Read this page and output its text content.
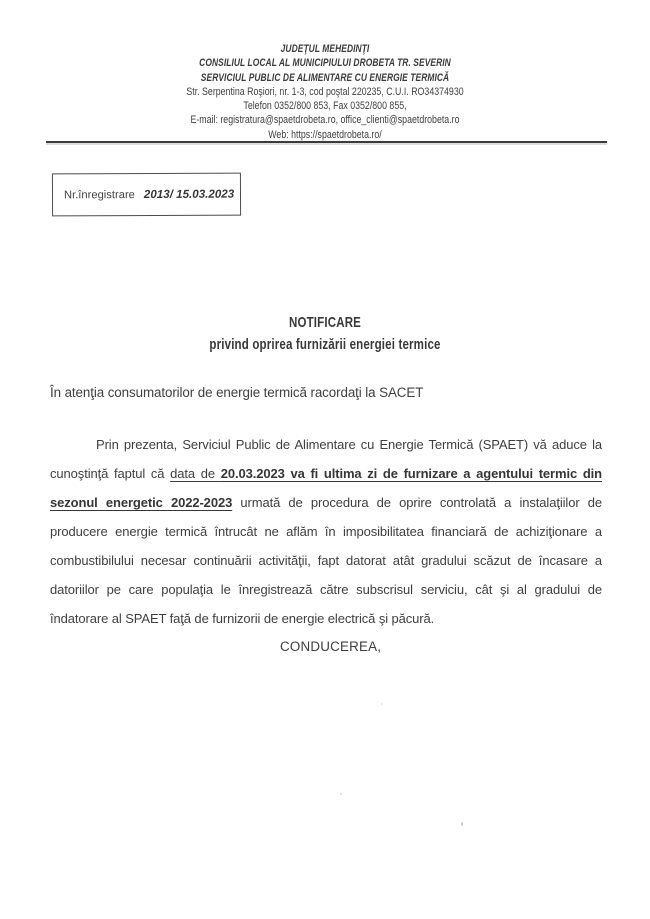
JUDEŢUL MEHEDINŢI
CONSILIUL LOCAL AL MUNICIPIULUI DROBETA TR. SEVERIN
SERVICIUL PUBLIC DE ALIMENTARE CU ENERGIE TERMICĂ
Str. Serpentina Roşiori, nr. 1-3, cod poştal 220235, C.U.I. RO34374930
Telefon 0352/800 853, Fax 0352/800 855,
E-mail: registratura@spaetdrobeta.ro, office_clienti@spaetdrobeta.ro
Web: https://spaetdrobeta.ro/
Nr.înregistrare 2013/ 15.03.2023
NOTIFICARE
privind oprirea furnizării energiei termice
În atenţia consumatorilor de energie termică racordaţi la SACET

Prin prezenta, Serviciul Public de Alimentare cu Energie Termică (SPAET) vă aduce la cunoştinţă faptul că data de 20.03.2023 va fi ultima zi de furnizare a agentului termic din sezonul energetic 2022-2023 urmată de procedura de oprire controlată a instalaţiilor de producere energie termică întrucât ne aflăm în imposibilitatea financiară de achiziţionare a combustibilului necesar continuării activităţii, fapt datorat atât gradului scăzut de încasare a datoriilor pe care populaţia le înregistrează către subscrisul serviciu, cât şi al gradului de îndatorare al SPAET faţă de furnizorii de energie electrică şi păcură.

CONDUCEREA,
